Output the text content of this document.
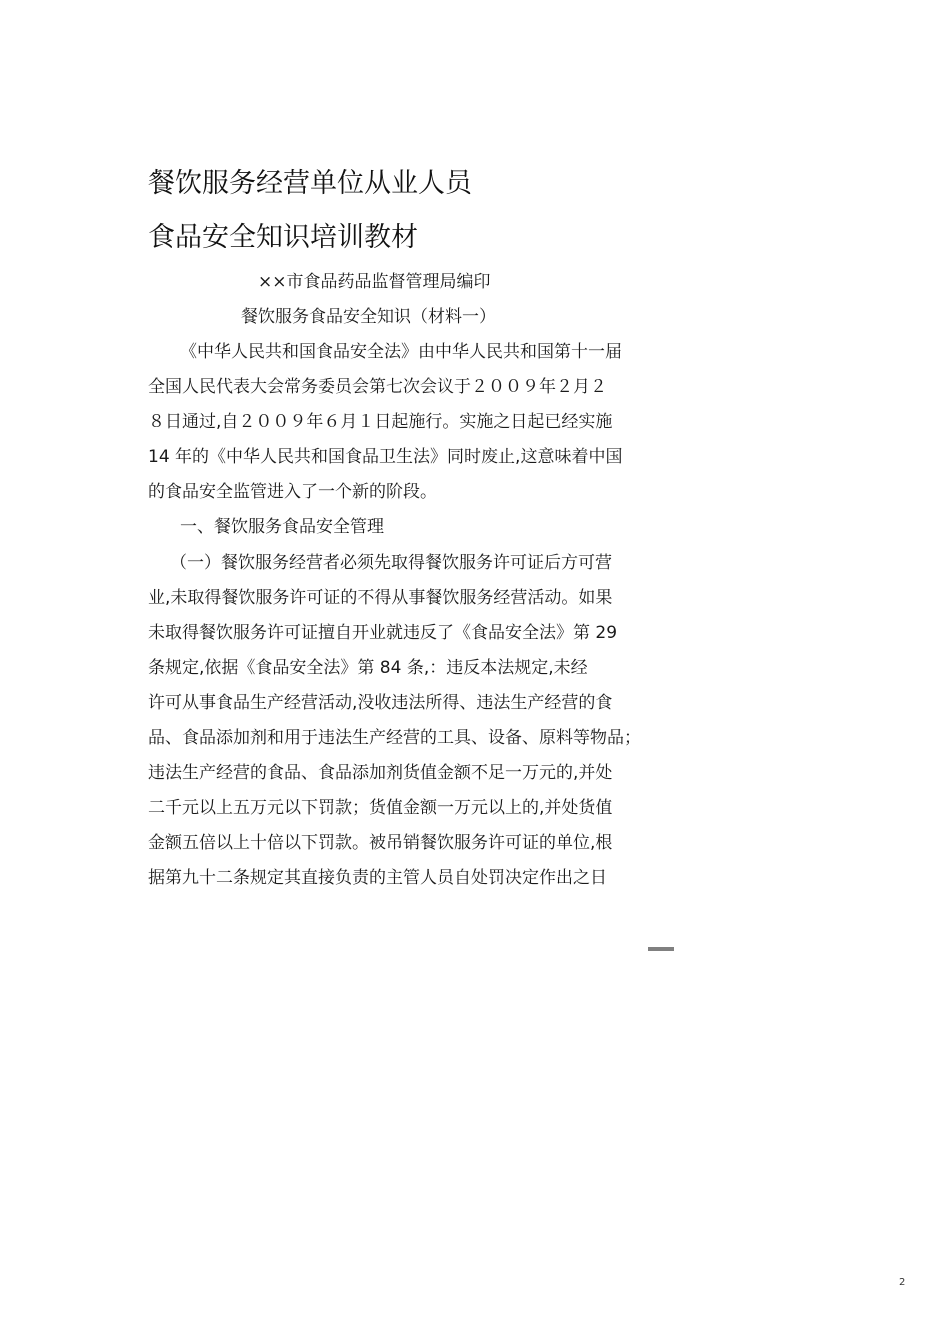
餐饮服务经营单位从业人员
食品安全知识培训教材
××市食品药品监督管理局编印
餐饮服务食品安全知识（材料一）
《中华人民共和国食品安全法》由中华人民共和国第十一届
全国人民代表大会常务委员会第七次会议于２００９年２月２
８日通过,自２００９年６月１日起施行。实施之日起已经实施
14 年的《中华人民共和国食品卫生法》同时废止,这意味着中国
的食品安全监管进入了一个新的阶段。
一、餐饮服务食品安全管理
（一）餐饮服务经营者必须先取得餐饮服务许可证后方可营
业,未取得餐饮服务许可证的不得从事餐饮服务经营活动。如果
未取得餐饮服务许可证擅自开业就违反了《食品安全法》第 29
条规定,依据《食品安全法》第 84 条,：违反本法规定,未经
许可从事食品生产经营活动,没收违法所得、违法生产经营的食
品、食品添加剂和用于违法生产经营的工具、设备、原料等物品；
违法生产经营的食品、食品添加剂货值金额不足一万元的,并处
二千元以上五万元以下罚款；货值金额一万元以上的,并处货值
金额五倍以上十倍以下罚款。被吊销餐饮服务许可证的单位,根
据第九十二条规定其直接负责的主管人员自处罚决定作出之日
2
